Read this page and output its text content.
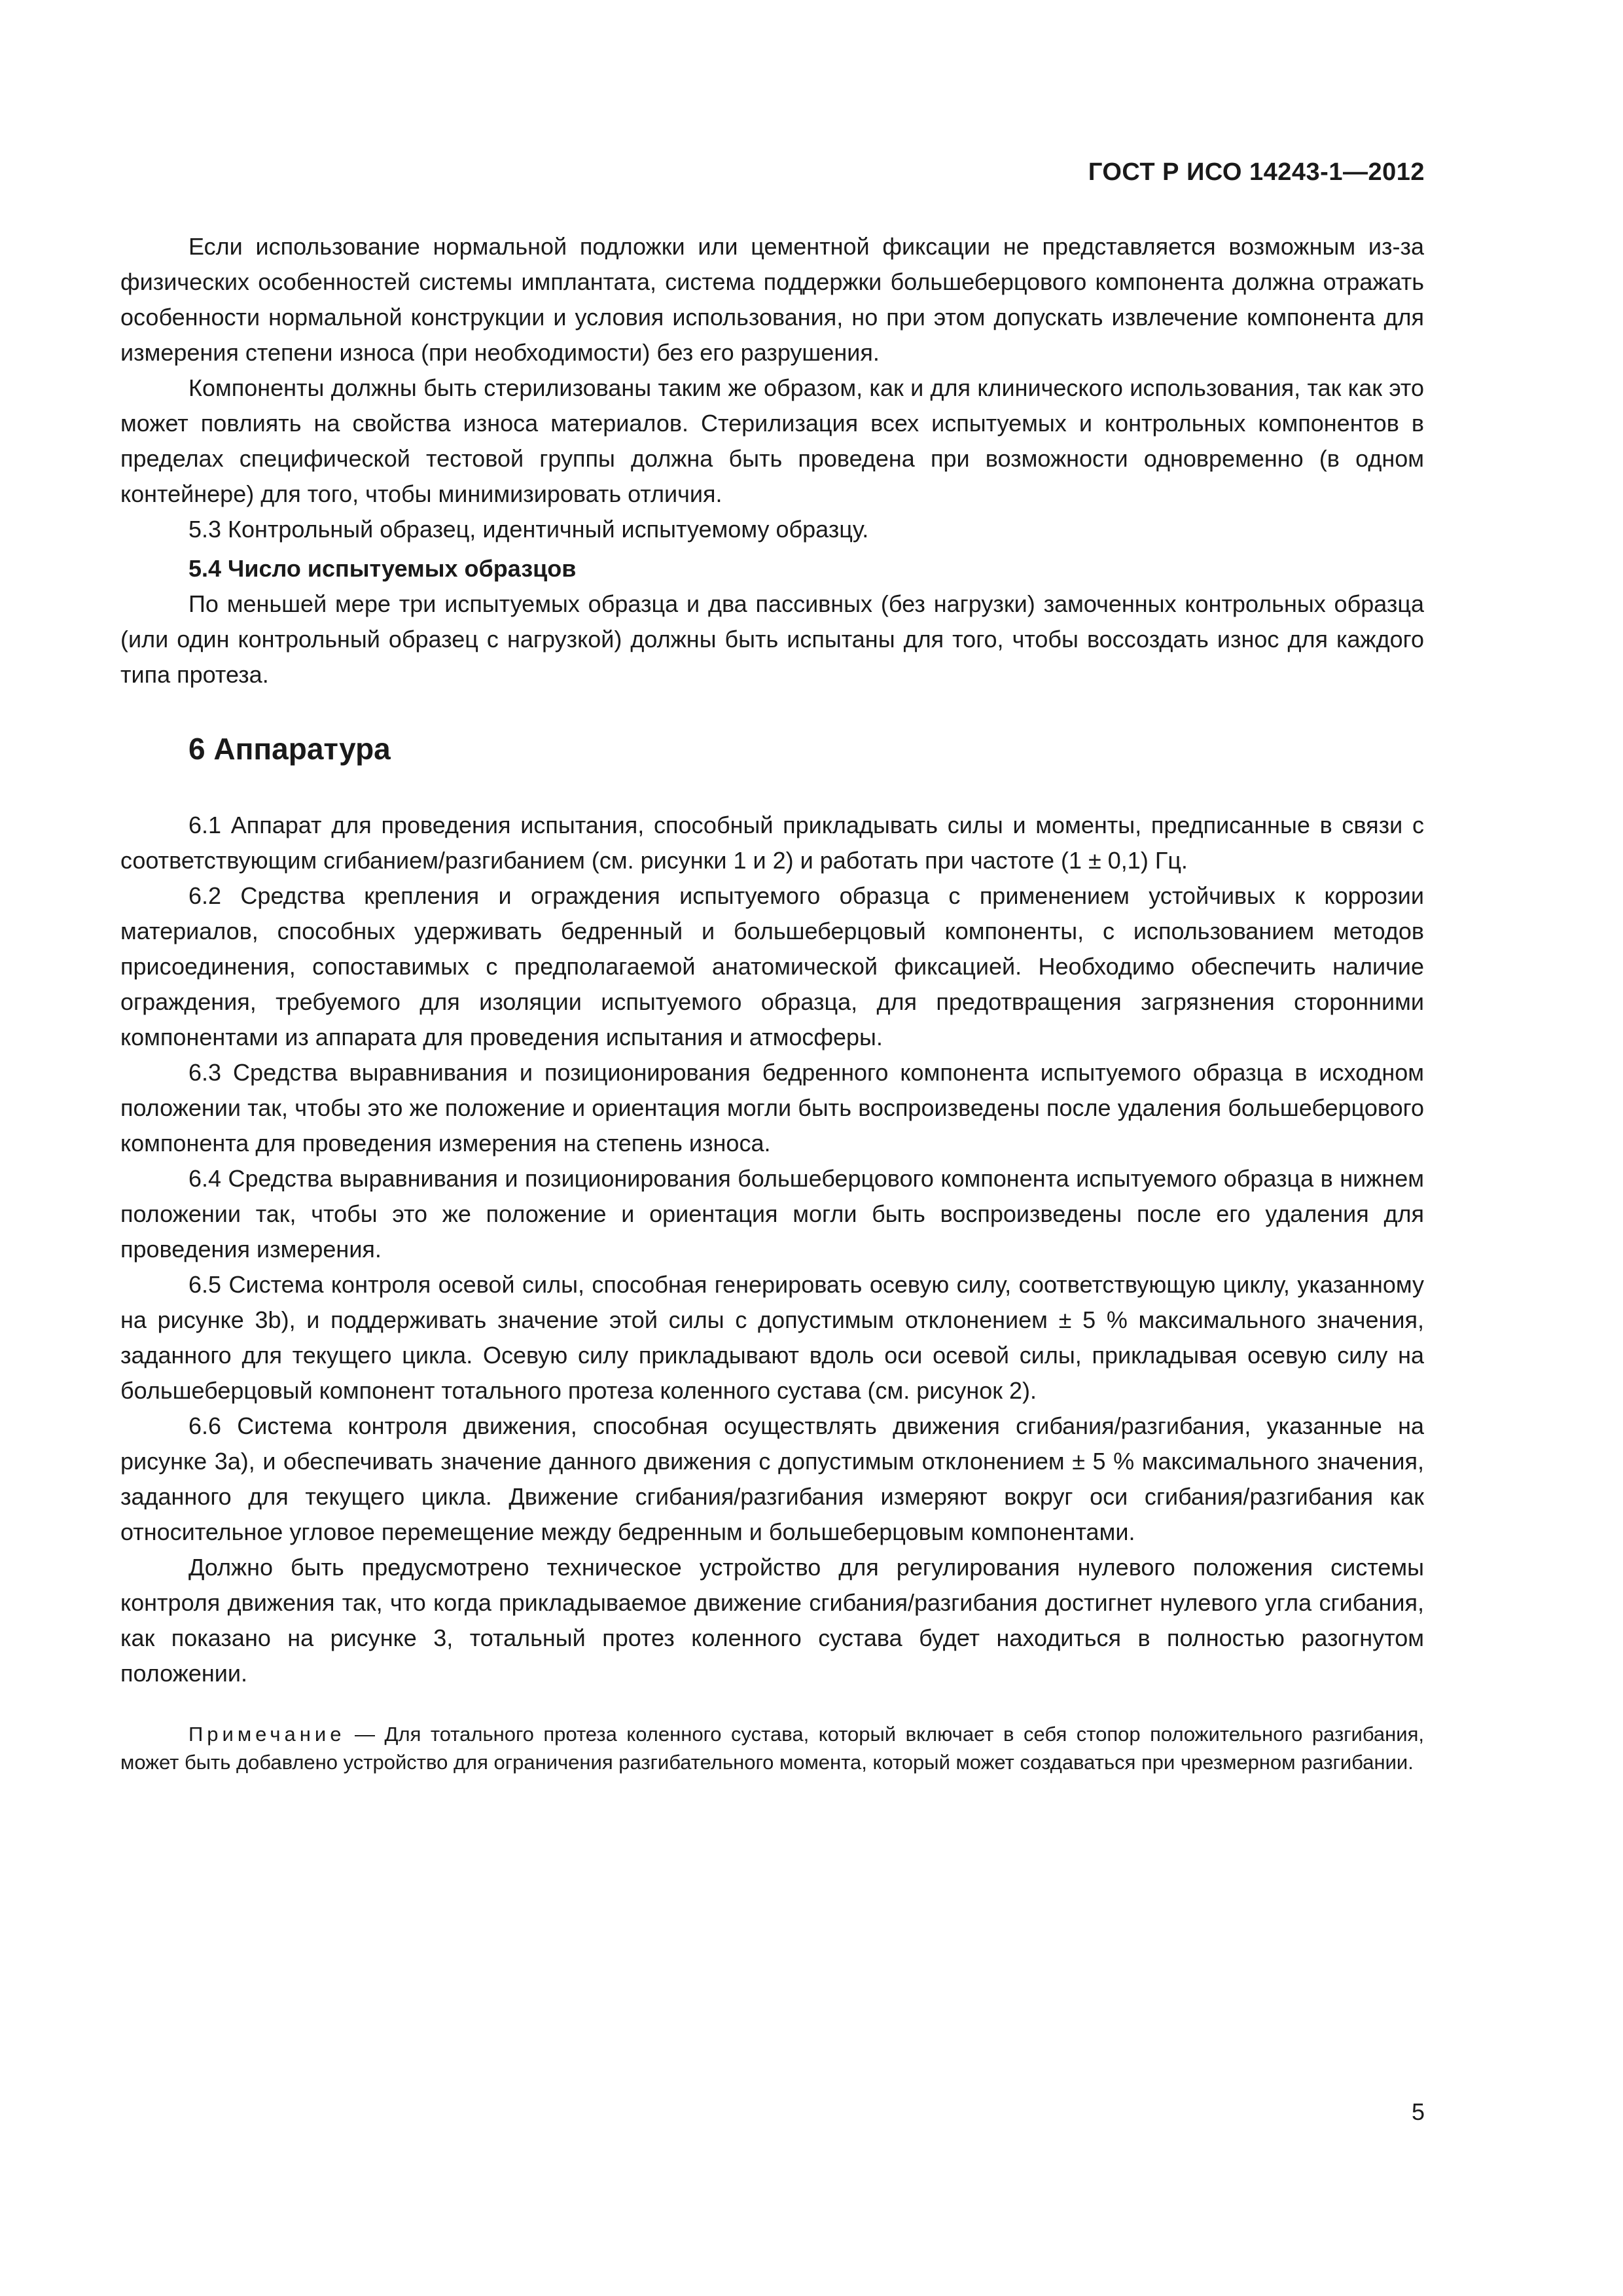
ГОСТ Р ИСО 14243-1—2012

Если использование нормальной подложки или цементной фиксации не представляется возможным из-за физических особенностей системы имплантата, система поддержки большеберцового компонента должна отражать особенности нормальной конструкции и условия использования, но при этом допускать извлечение компонента для измерения степени износа (при необходимости) без его разрушения.

Компоненты должны быть стерилизованы таким же образом, как и для клинического использования, так как это может повлиять на свойства износа материалов. Стерилизация всех испытуемых и контрольных компонентов в пределах специфической тестовой группы должна быть проведена при возможности одновременно (в одном контейнере) для того, чтобы минимизировать отличия.

5.3 Контрольный образец, идентичный испытуемому образцу.

5.4 Число испытуемых образцов

По меньшей мере три испытуемых образца и два пассивных (без нагрузки) замоченных контрольных образца (или один контрольный образец с нагрузкой) должны быть испытаны для того, чтобы воссоздать износ для каждого типа протеза.

6 Аппаратура

6.1 Аппарат для проведения испытания, способный прикладывать силы и моменты, предписанные в связи с соответствующим сгибанием/разгибанием (см. рисунки 1 и 2) и работать при частоте (1 ± 0,1) Гц.

6.2 Средства крепления и ограждения испытуемого образца с применением устойчивых к коррозии материалов, способных удерживать бедренный и большеберцовый компоненты, с использованием методов присоединения, сопоставимых с предполагаемой анатомической фиксацией. Необходимо обеспечить наличие ограждения, требуемого для изоляции испытуемого образца, для предотвращения загрязнения сторонними компонентами из аппарата для проведения испытания и атмосферы.

6.3 Средства выравнивания и позиционирования бедренного компонента испытуемого образца в исходном положении так, чтобы это же положение и ориентация могли быть воспроизведены после удаления большеберцового компонента для проведения измерения на степень износа.

6.4 Средства выравнивания и позиционирования большеберцового компонента испытуемого образца в нижнем положении так, чтобы это же положение и ориентация могли быть воспроизведены после его удаления для проведения измерения.

6.5 Система контроля осевой силы, способная генерировать осевую силу, соответствующую циклу, указанному на рисунке 3b), и поддерживать значение этой силы с допустимым отклонением ± 5 % максимального значения, заданного для текущего цикла. Осевую силу прикладывают вдоль оси осевой силы, прикладывая осевую силу на большеберцовый компонент тотального протеза коленного сустава (см. рисунок 2).

6.6 Система контроля движения, способная осуществлять движения сгибания/разгибания, указанные на рисунке 3а), и обеспечивать значение данного движения с допустимым отклонением ± 5 % максимального значения, заданного для текущего цикла. Движение сгибания/разгибания измеряют вокруг оси сгибания/разгибания как относительное угловое перемещение между бедренным и большеберцовым компонентами.

Должно быть предусмотрено техническое устройство для регулирования нулевого положения системы контроля движения так, что когда прикладываемое движение сгибания/разгибания достигнет нулевого угла сгибания, как показано на рисунке 3, тотальный протез коленного сустава будет находиться в полностью разогнутом положении.

Примечание — Для тотального протеза коленного сустава, который включает в себя стопор положительного разгибания, может быть добавлено устройство для ограничения разгибательного момента, который может создаваться при чрезмерном разгибании.
5
